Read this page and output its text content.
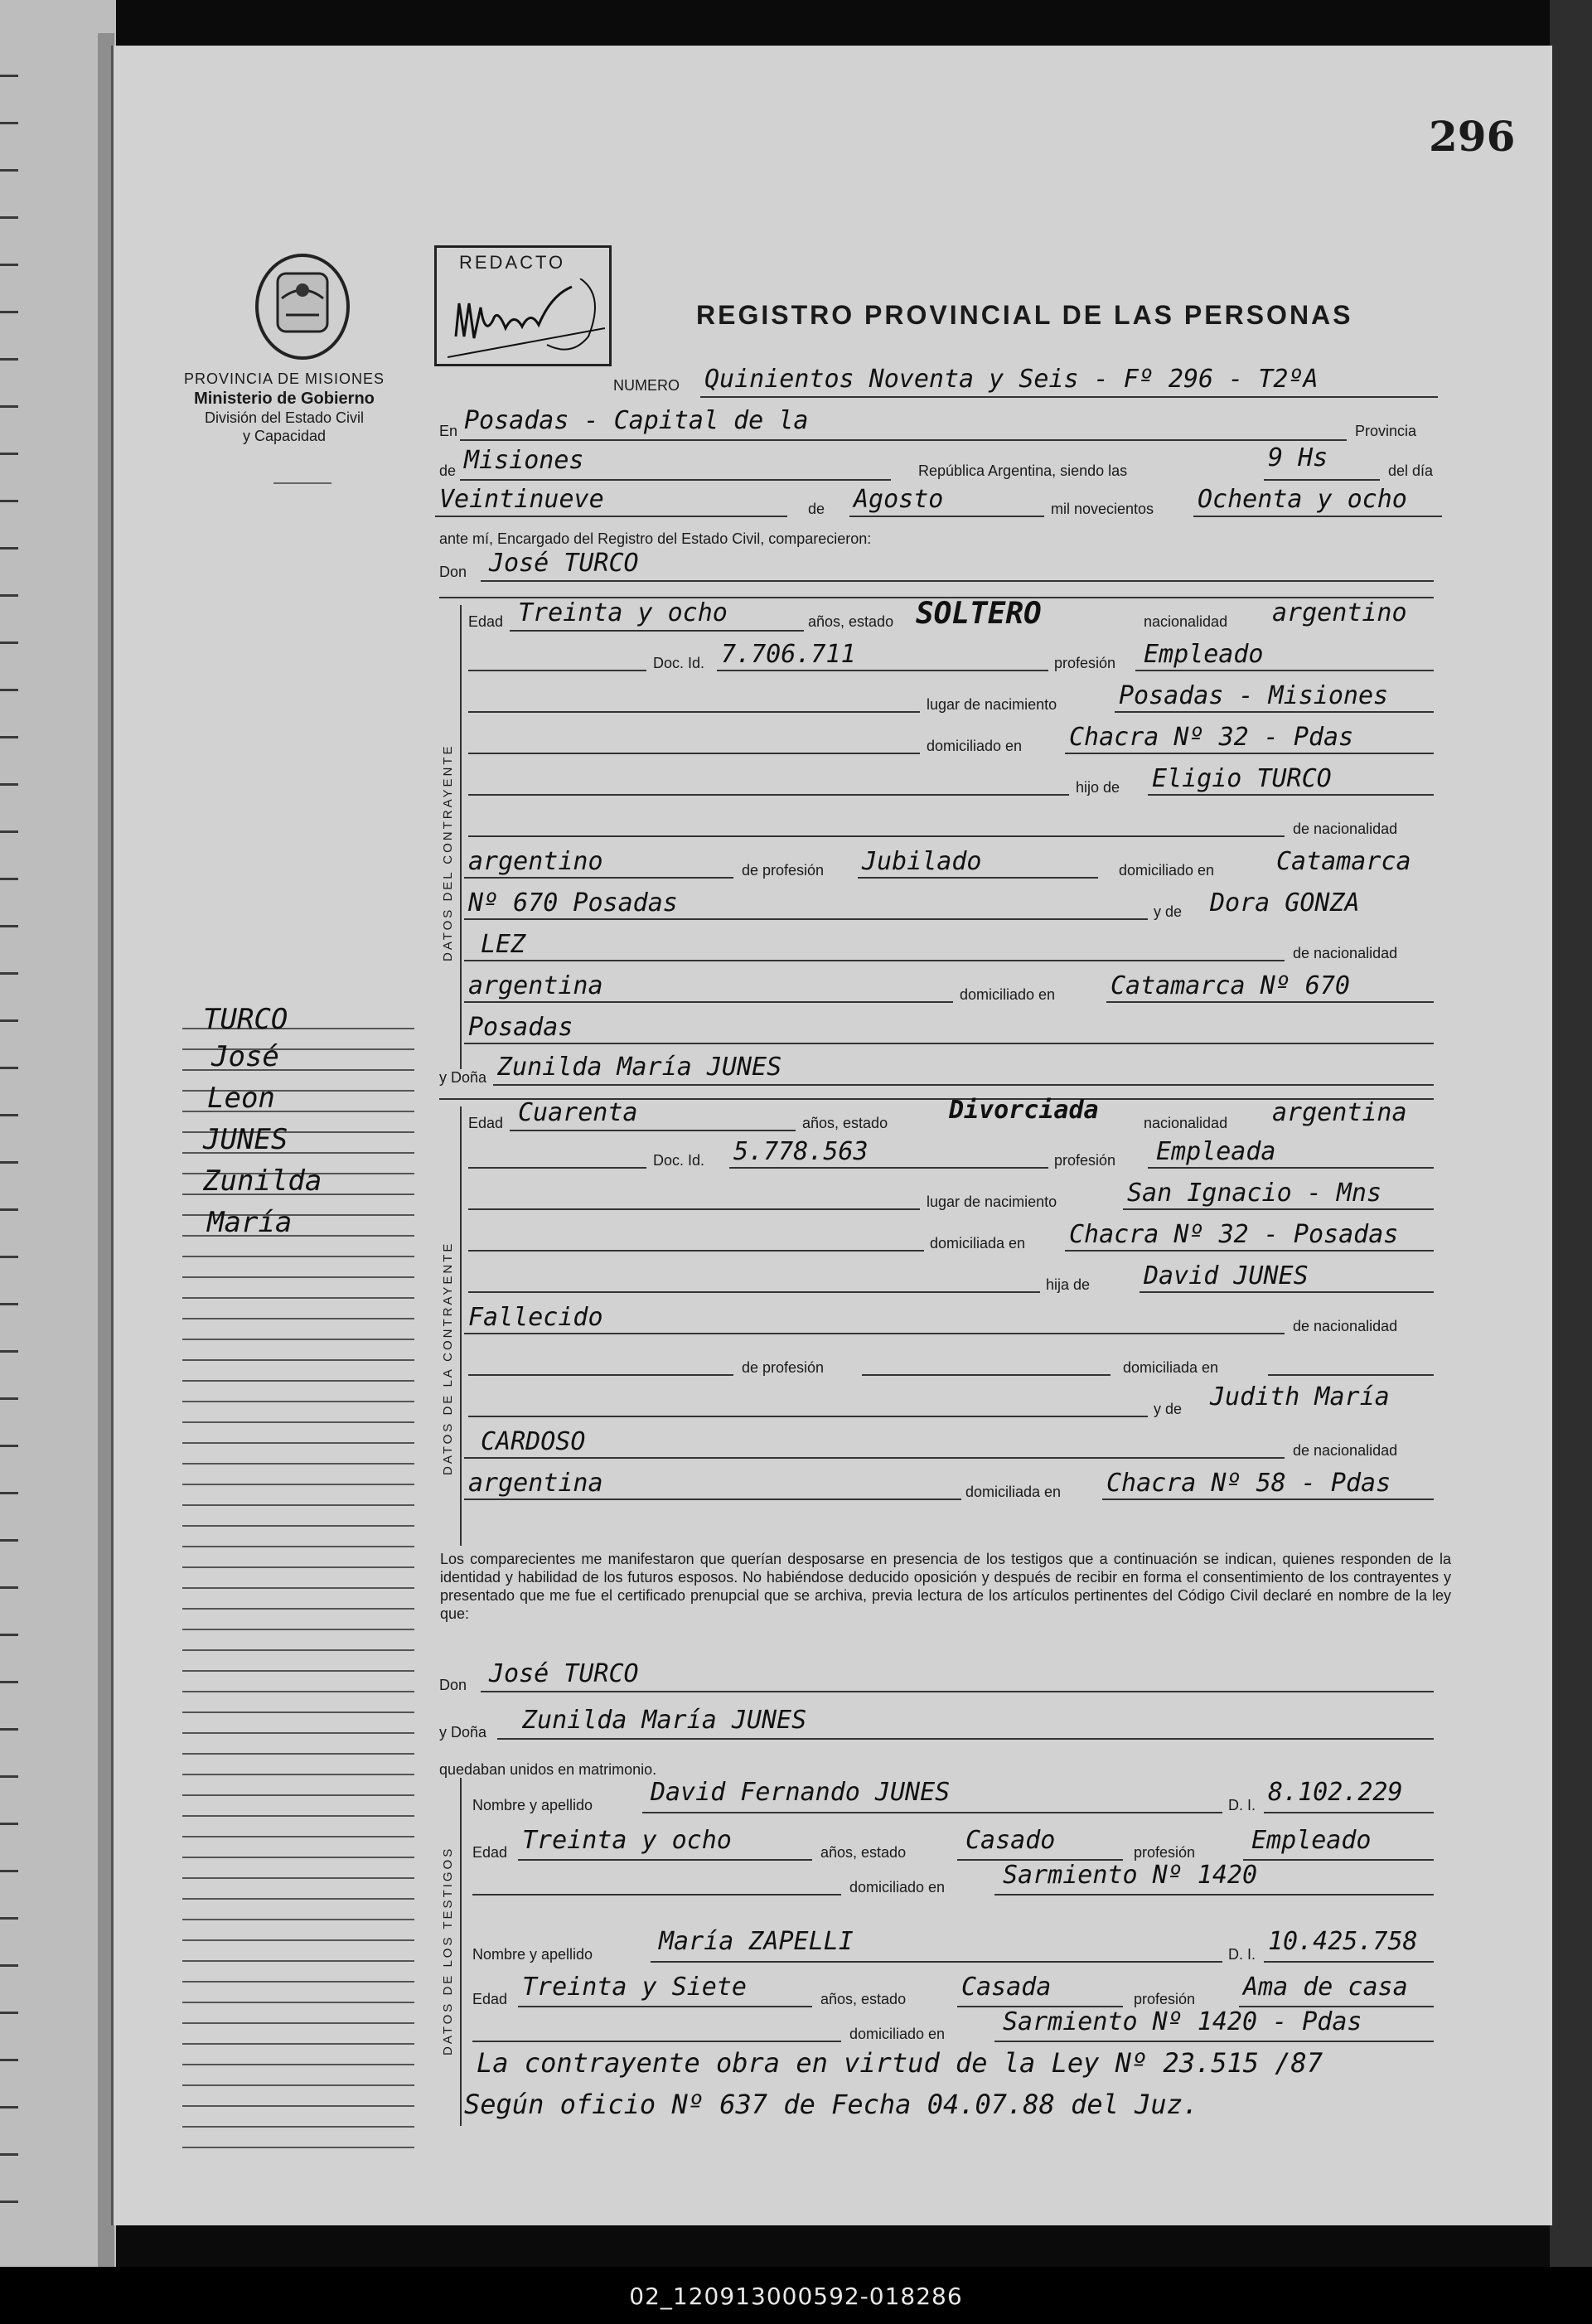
296
PROVINCIA DE MISIONES
Ministerio de Gobierno
División del Estado Civil
y Capacidad
REDACTO
REGISTRO PROVINCIAL DE LAS PERSONAS
NUMERO Quinientos Noventa y Seis - Fº 296 - T2ºA
En Posadas - Capital de la	Provincia
de Misiones	República Argentina, siendo las	9 Hs	del día
Veintinueve	de Agosto	mil novecientos Ochenta y ocho
ante mí, Encargado del Registro del Estado Civil, comparecieron:
Don José TURCO
DATOS DEL CONTRAYENTE
Edad Treinta y ocho	años, estado SOLTERO	nacionalidad argentino
Doc. Id. 7.706.711	profesión Empleado
lugar de nacimiento Posadas - Misiones
domiciliado en Chacra Nº 32 - Pdas
hijo de Eligio TURCO
de nacionalidad
argentino	de profesión Jubilado	domiciliado en Catamarca
Nº 670 Posadas	y de Dora GONZA
LEZ	de nacionalidad
argentina	domiciliado en Catamarca Nº 670
Posadas
y Doña Zunilda María JUNES
DATOS DE LA CONTRAYENTE
Edad Cuarenta	años, estado Divorciada	nacionalidad argentina
Doc. Id. 5.778.563	profesión Empleada
lugar de nacimiento	San Ignacio - Mns
domiciliada en Chacra Nº 32 - Posadas
hija de David JUNES
Fallecido	de nacionalidad
de profesión	domiciliada en
y de Judith María
CARDOSO	de nacionalidad
argentina	domiciliada en Chacra Nº 58 - Pdas
Los comparecientes me manifestaron que querían desposarse en presencia de los testigos que a continuación se indican, quienes responden de la identidad y habilidad de los futuros esposos. No habiéndose deducido oposición y después de recibir en forma el consentimiento de los contrayentes y presentado que me fue el certificado prenupcial que se archiva, previa lectura de los artículos pertinentes del Código Civil declaré en nombre de la ley que:
Don José TURCO
y Doña Zunilda María JUNES
quedaban unidos en matrimonio.
DATOS DE LOS TESTIGOS
Nombre y apellido David Fernando JUNES	D. I. 8.102.229
Edad Treinta y ocho	años, estado Casado	profesión Empleado
domiciliado en Sarmiento Nº 1420
Nombre y apellido	María ZAPELLI	D. I. 10.425.758
Edad Treinta y Siete	años, estado Casada	profesión Ama de casa
domiciliado en Sarmiento Nº 1420 - Pdas
La contrayente obra en virtud de la Ley Nº 23.515 /87
Según oficio Nº 637 de Fecha 04.07.88 del Juz.
TURCO
José
Leon
JUNES
Zunilda
María
02_120913000592-018286
